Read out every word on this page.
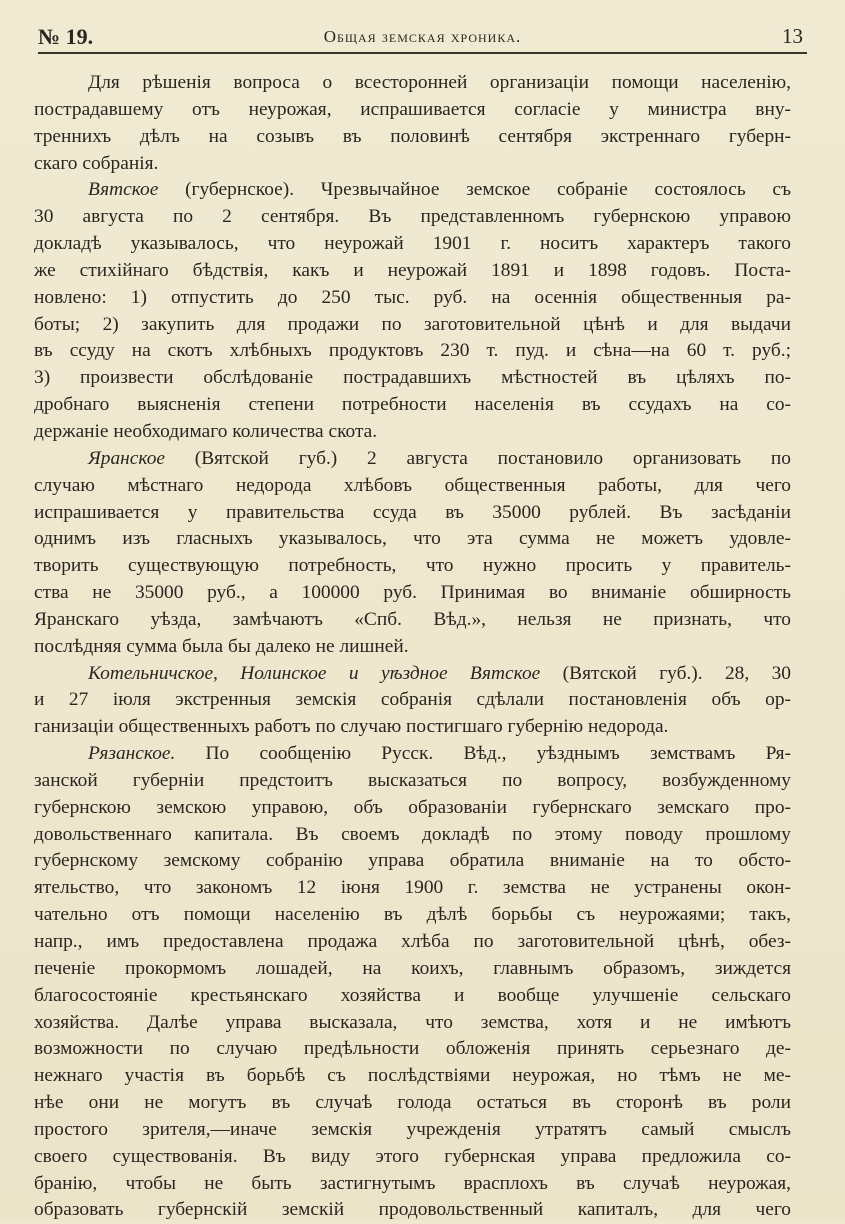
№ 19.	Общая земская хроника.	13
Для рѣшенія вопроса о всесторонней организаціи помощи населенію,
пострадавшему отъ неурожая, испрашивается согласіе у министра вну-
треннихъ дѣлъ на созывъ въ половинѣ сентября экстреннаго губерн-
скаго собранія.
Вятское (губернское). Чрезвычайное земское собраніе состоялось съ
30 августа по 2 сентября. Въ представленномъ губернскою управою
докладѣ указывалось, что неурожай 1901 г. носитъ характеръ такого
же стихійнаго бѣдствія, какъ и неурожай 1891 и 1898 годовъ. Поста-
новлено: 1) отпустить до 250 тыс. руб. на осеннія общественныя ра-
боты; 2) закупить для продажи по заготовительной цѣнѣ и для выдачи
въ ссуду на скотъ хлѣбныхъ продуктовъ 230 т. пуд. и сѣна—на 60 т. руб.;
3) произвести обслѣдованіе пострадавшихъ мѣстностей въ цѣляхъ по-
дробнаго выясненія степени потребности населенія въ ссудахъ на со-
держаніе необходимаго количества скота.
Яранское (Вятской губ.) 2 августа постановило организовать по
случаю мѣстнаго недорода хлѣбовъ общественныя работы, для чего
испрашивается у правительства ссуда въ 35000 рублей. Въ засѣданіи
однимъ изъ гласныхъ указывалось, что эта сумма не можетъ удовле-
творить существующую потребность, что нужно просить у правитель-
ства не 35000 руб., а 100000 руб. Принимая во вниманіе обширность
Яранскаго уѣзда, замѣчаютъ «Спб. Вѣд.», нельзя не признать, что
послѣдняя сумма была бы далеко не лишней.
Котельничское, Нолинское и уѣздное Вятское (Вятской губ.). 28, 30
и 27 іюля экстренныя земскія собранія сдѣлали постановленія объ ор-
ганизаціи общественныхъ работъ по случаю постигшаго губернію недорода.
Рязанское. По сообщенію Русск. Вѣд., уѣзднымъ земствамъ Ря-
занской губерніи предстоитъ высказаться по вопросу, возбужденному
губернскою земскою управою, объ образованіи губернскаго земскаго про-
довольственнаго капитала. Въ своемъ докладѣ по этому поводу прошлому
губернскому земскому собранію управа обратила вниманіе на то обсто-
ятельство, что закономъ 12 іюня 1900 г. земства не устранены окон-
чательно отъ помощи населенію въ дѣлѣ борьбы съ неурожаями; такъ,
напр., имъ предоставлена продажа хлѣба по заготовительной цѣнѣ, обез-
печеніе прокормомъ лошадей, на коихъ, главнымъ образомъ, зиждется
благосостояніе крестьянскаго хозяйства и вообще улучшеніе сельскаго
хозяйства. Далѣе управа высказала, что земства, хотя и не имѣютъ
возможности по случаю предѣльности обложенія принять серьезнаго де-
нежнаго участія въ борьбѣ съ послѣдствіями неурожая, но тѣмъ не ме-
нѣе они не могутъ въ случаѣ голода остаться въ сторонѣ въ роли
простого зрителя,—иначе земскія учрежденія утратятъ самый смыслъ
своего существованія. Въ виду этого губернская управа предложила со-
бранію, чтобы не быть застигнутымъ врасплохъ въ случаѣ неурожая,
образовать губернскій земскій продовольственный капиталъ, для чего
